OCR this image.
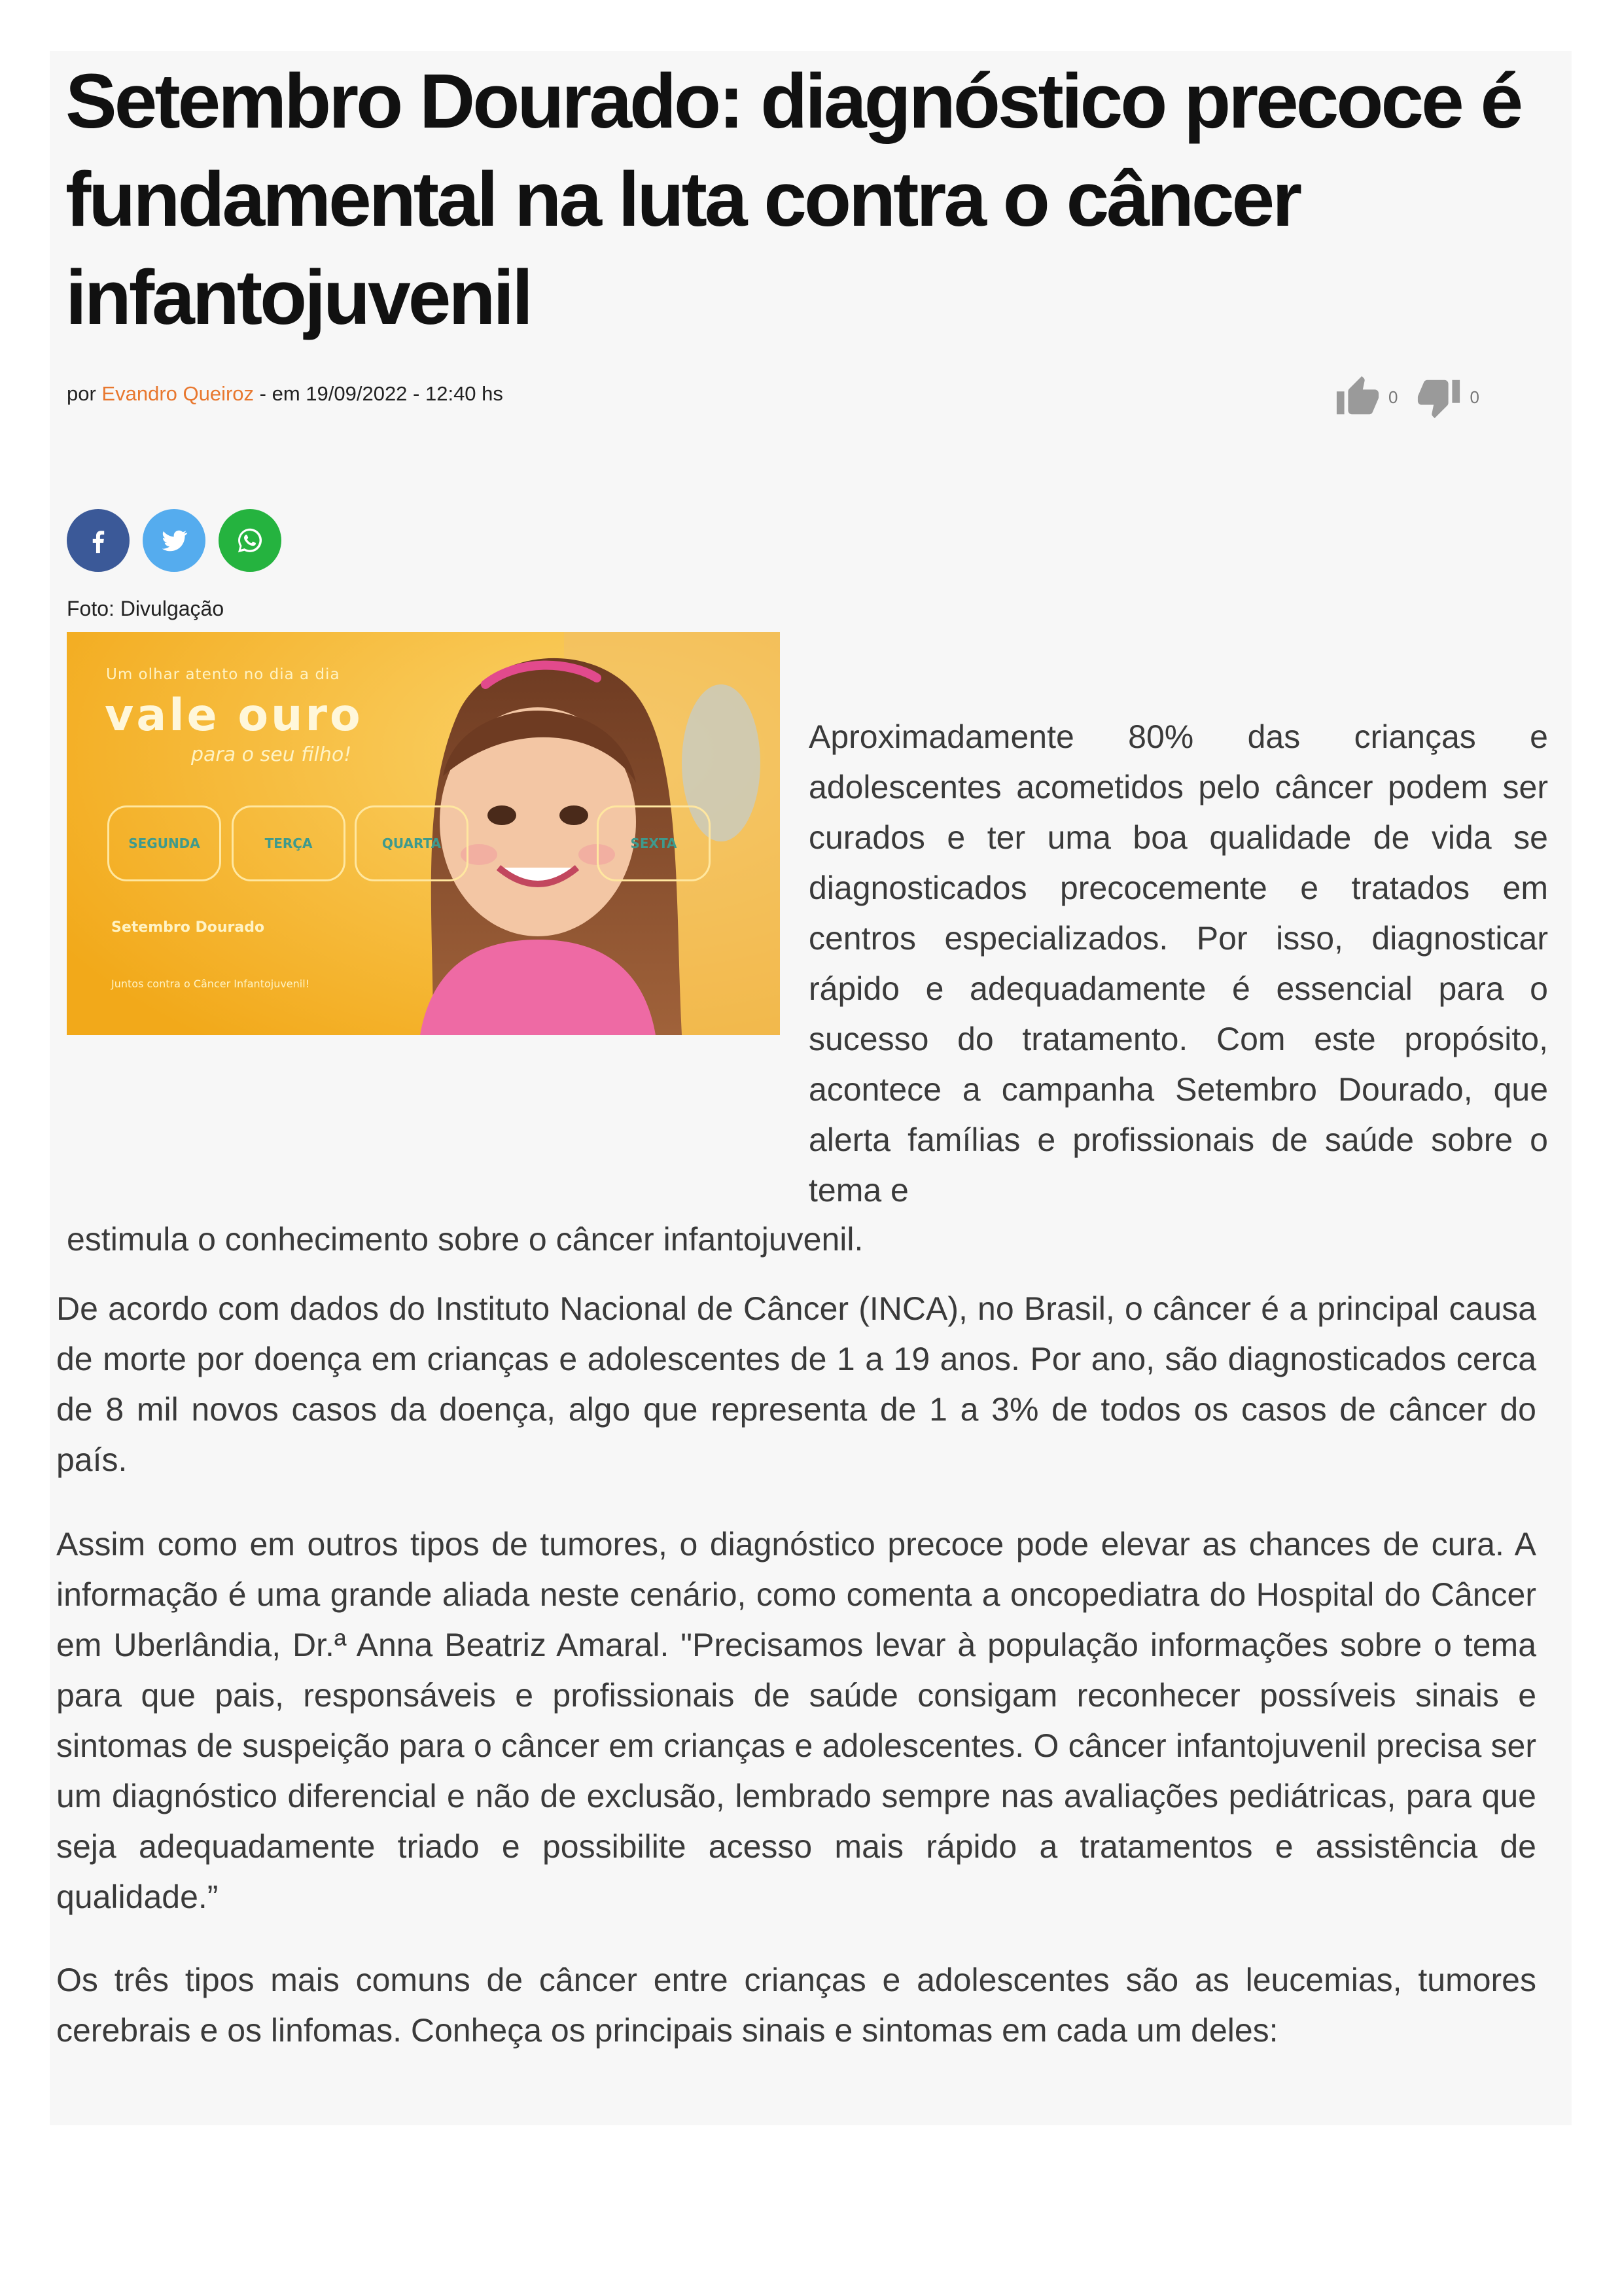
Setembro Dourado: diagnóstico precoce é fundamental na luta contra o câncer infantojuvenil
por Evandro Queiroz - em 19/09/2022 - 12:40 hs	0	0
Foto: Divulgação
Um olhar atento no dia a dia
vale ouro
para o seu filho!
SEGUNDA	TERÇA	QUARTA	SEXTA
Setembro Dourado
Juntos contra o Câncer Infantojuvenil!

Aproximadamente 80% das crianças e adolescentes acometidos pelo câncer podem ser curados e ter uma boa qualidade de vida se diagnosticados precocemente e tratados em centros especializados. Por isso, diagnosticar rápido e adequadamente é essencial para o sucesso do tratamento. Com este propósito, acontece a campanha Setembro Dourado, que alerta famílias e profissionais de saúde sobre o tema e

estimula o conhecimento sobre o câncer infantojuvenil.

De acordo com dados do Instituto Nacional de Câncer (INCA), no Brasil, o câncer é a principal causa de morte por doença em crianças e adolescentes de 1 a 19 anos. Por ano, são diagnosticados cerca de 8 mil novos casos da doença, algo que representa de 1 a 3% de todos os casos de câncer do país.

Assim como em outros tipos de tumores, o diagnóstico precoce pode elevar as chances de cura. A informação é uma grande aliada neste cenário, como comenta a oncopediatra do Hospital do Câncer em Uberlândia, Dr.ª Anna Beatriz Amaral. "Precisamos levar à população informações sobre o tema para que pais, responsáveis e profissionais de saúde consigam reconhecer possíveis sinais e sintomas de suspeição para o câncer em crianças e adolescentes. O câncer infantojuvenil precisa ser um diagnóstico diferencial e não de exclusão, lembrado sempre nas avaliações pediátricas, para que seja adequadamente triado e possibilite acesso mais rápido a tratamentos e assistência de qualidade.”

Os três tipos mais comuns de câncer entre crianças e adolescentes são as leucemias, tumores cerebrais e os linfomas. Conheça os principais sinais e sintomas em cada um deles:
